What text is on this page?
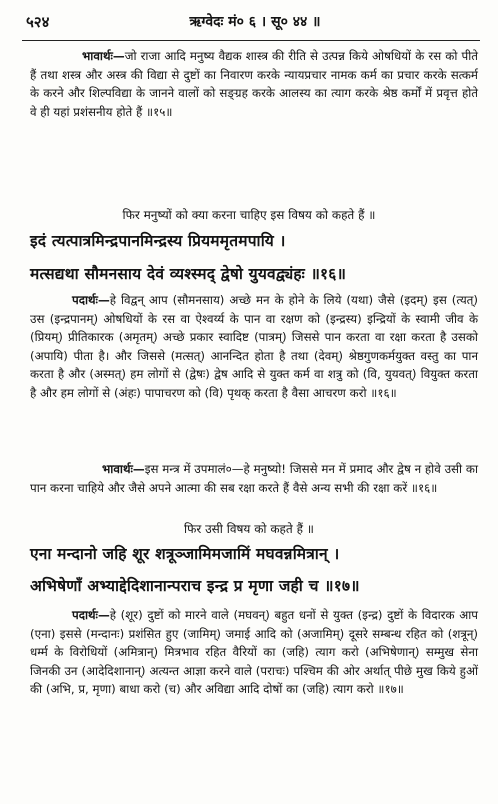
५२४	ऋग्वेदः मं० ६ । सू० ४४ ॥
भावार्थः—जो राजा आदि मनुष्य वैद्यक शास्त्र की रीति से उत्पन्न किये ओषधियों के रस को पीते हैं तथा शस्त्र और अस्त्र की विद्या से दुष्टों का निवारण करके न्यायप्रचार नामक कर्म का प्रचार करके सत्कर्म के करने और शिल्पविद्या के जानने वालों को सङ्ग्रह करके आलस्य का त्याग करके श्रेष्ठ कर्मों में प्रवृत्त होते वे ही यहां प्रशंसनीय होते हैं ॥१५॥
फिर मनुष्यों को क्या करना चाहिए इस विषय को कहते हैं ॥
इदं त्यत्पात्रमिन्द्रपानमिन्द्रस्य प्रियममृतमपायि ।
मत्सद्यथा सौमनसाय देवं व्यश्स्मद् द्वेषो युयवद्व्यंहः ॥१६॥
पदार्थः—हे विद्वन् आप (सौमनसाय) अच्छे मन के होने के लिये (यथा) जैसे (इदम्) इस (त्यत्) उस (इन्द्रपानम्) ओषधियों के रस वा ऐश्वर्य्य के पान वा रक्षण को (इन्द्रस्य) इन्द्रियों के स्वामी जीव के (प्रियम्) प्रीतिकारक (अमृतम्) अच्छे प्रकार स्वादिष्ट (पात्रम्) जिससे पान करता वा रक्षा करता है उसको (अपायि) पीता है। और जिससे (मत्सत्) आनन्दित होता है तथा (देवम्) श्रेष्ठगुणकर्मयुक्त वस्तु का पान करता है और (अस्मत्) हम लोगों से (द्वेषः) द्वेष आदि से युक्त कर्म वा शत्रु को (वि, युयवत्) वियुक्त करता है और हम लोगों से (अंहः) पापाचरण को (वि) पृथक् करता है वैसा आचरण करो ॥१६॥
भावार्थः—इस मन्त्र में उपमालं०—हे मनुष्यो! जिससे मन में प्रमाद और द्वेष न होवे उसी का पान करना चाहिये और जैसे अपने आत्मा की सब रक्षा करते हैं वैसे अन्य सभी की रक्षा करें ॥१६॥
फिर उसी विषय को कहते हैं ॥
एना मन्दानो जहि शूर शत्रूञ्जामिमजामिं मघवन्नमित्रान् ।
अभिषेणाँ अभ्याद्देदिशानान्पराच इन्द्र प्र मृणा जही च ॥१७॥
पदार्थः—हे (शूर) दुष्टों को मारने वाले (मघवन्) बहुत धनों से युक्त (इन्द्र) दुष्टों के विदारक आप (एना) इससे (मन्दानः) प्रशंसित हुए (जामिम्) जमाई आदि को (अजामिम्) दूसरे सम्बन्ध रहित को (शत्रून्) धर्म्म के विरोधियों (अमित्रान्) मित्रभाव रहित वैरियों का (जहि) त्याग करो (अभिषेणान्) सम्मुख सेना जिनकी उन (आदेदिशानान्) अत्यन्त आज्ञा करने वाले (पराचः) पश्चिम की ओर अर्थात् पीछे मुख किये हुओं की (अभि, प्र, मृणा) बाधा करो (च) और अविद्या आदि दोषों का (जहि) त्याग करो ॥१७॥
